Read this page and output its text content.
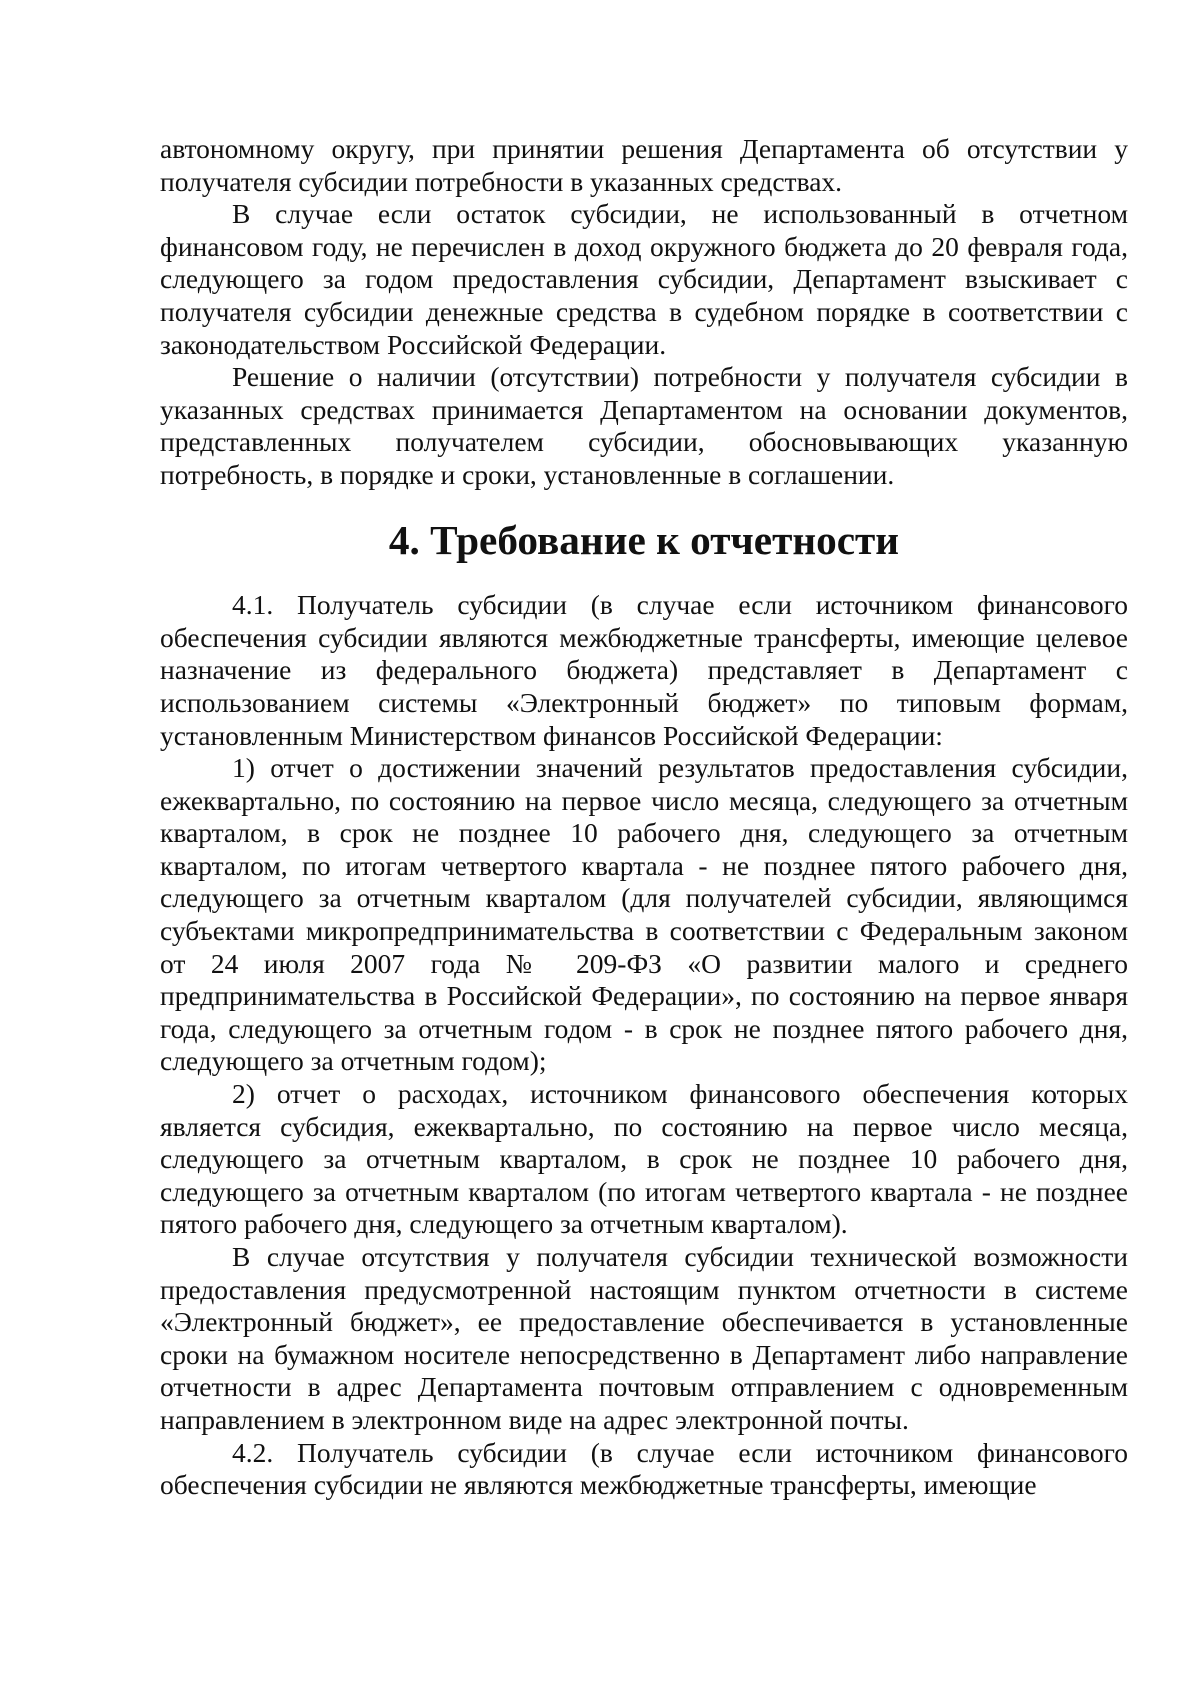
автономному округу, при принятии решения Департамента об отсутствии у получателя субсидии потребности в указанных средствах.

В случае если остаток субсидии, не использованный в отчетном финансовом году, не перечислен в доход окружного бюджета до 20 февраля года, следующего за годом предоставления субсидии, Департамент взыскивает с получателя субсидии денежные средства в судебном порядке в соответствии с законодательством Российской Федерации.

Решение о наличии (отсутствии) потребности у получателя субсидии в указанных средствах принимается Департаментом на основании документов, представленных получателем субсидии, обосновывающих указанную потребность, в порядке и сроки, установленные в соглашении.

4. Требование к отчетности

4.1. Получатель субсидии (в случае если источником финансового обеспечения субсидии являются межбюджетные трансферты, имеющие целевое назначение из федерального бюджета) представляет в Департамент с использованием системы «Электронный бюджет» по типовым формам, установленным Министерством финансов Российской Федерации:

1) отчет о достижении значений результатов предоставления субсидии, ежеквартально, по состоянию на первое число месяца, следующего за отчетным кварталом, в срок не позднее 10 рабочего дня, следующего за отчетным кварталом, по итогам четвертого квартала - не позднее пятого рабочего дня, следующего за отчетным кварталом (для получателей субсидии, являющимся субъектами микропредпринимательства в соответствии с Федеральным законом от 24 июля 2007 года № 209-ФЗ «О развитии малого и среднего предпринимательства в Российской Федерации», по состоянию на первое января года, следующего за отчетным годом - в срок не позднее пятого рабочего дня, следующего за отчетным годом);

2) отчет о расходах, источником финансового обеспечения которых является субсидия, ежеквартально, по состоянию на первое число месяца, следующего за отчетным кварталом, в срок не позднее 10 рабочего дня, следующего за отчетным кварталом (по итогам четвертого квартала - не позднее пятого рабочего дня, следующего за отчетным кварталом).

В случае отсутствия у получателя субсидии технической возможности предоставления предусмотренной настоящим пунктом отчетности в системе «Электронный бюджет», ее предоставление обеспечивается в установленные сроки на бумажном носителе непосредственно в Департамент либо направление отчетности в адрес Департамента почтовым отправлением с одновременным направлением в электронном виде на адрес электронной почты.

4.2. Получатель субсидии (в случае если источником финансового обеспечения субсидии не являются межбюджетные трансферты, имеющие
